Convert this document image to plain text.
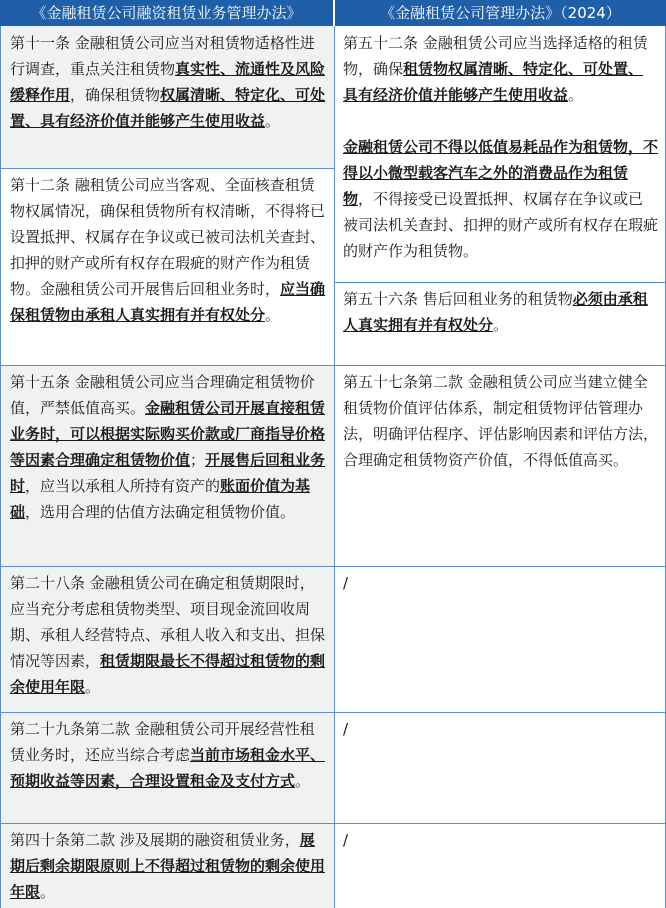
《金融租赁公司融资租赁业务管理办法》	《金融租赁公司管理办法》（2024）
第十一条 金融租赁公司应当对租赁物适格性进行调查，重点关注租赁物真实性、流通性及风险缓释作用，确保租赁物权属清晰、特定化、可处置、具有经济价值并能够产生使用收益。
第十二条 融租赁公司应当客观、全面核查租赁物权属情况，确保租赁物所有权清晰，不得将已设置抵押、权属存在争议或已被司法机关查封、扣押的财产或所有权存在瑕疵的财产作为租赁物。金融租赁公司开展售后回租业务时，应当确保租赁物由承租人真实拥有并有权处分。
第五十二条 金融租赁公司应当选择适格的租赁物，确保租赁物权属清晰、特定化、可处置、具有经济价值并能够产生使用收益。
金融租赁公司不得以低值易耗品作为租赁物，不得以小微型载客汽车之外的消费品作为租赁物，不得接受已设置抵押、权属存在争议或已被司法机关查封、扣押的财产或所有权存在瑕疵的财产作为租赁物。
第五十六条 售后回租业务的租赁物必须由承租人真实拥有并有权处分。
第十五条 金融租赁公司应当合理确定租赁物价值，严禁低值高买。金融租赁公司开展直接租赁业务时，可以根据实际购买价款或厂商指导价格等因素合理确定租赁物价值；开展售后回租业务时，应当以承租人所持有资产的账面价值为基础，选用合理的估值方法确定租赁物价值。
第五十七条第二款 金融租赁公司应当建立健全租赁物价值评估体系，制定租赁物评估管理办法，明确评估程序、评估影响因素和评估方法，合理确定租赁物资产价值，不得低值高买。
第二十八条 金融租赁公司在确定租赁期限时，应当充分考虑租赁物类型、项目现金流回收周期、承租人经营特点、承租人收入和支出、担保情况等因素，租赁期限最长不得超过租赁物的剩余使用年限。
/
第二十九条第二款 金融租赁公司开展经营性租赁业务时，还应当综合考虑当前市场租金水平、预期收益等因素，合理设置租金及支付方式。
/
第四十条第二款 涉及展期的融资租赁业务，展期后剩余期限原则上不得超过租赁物的剩余使用年限。
/
